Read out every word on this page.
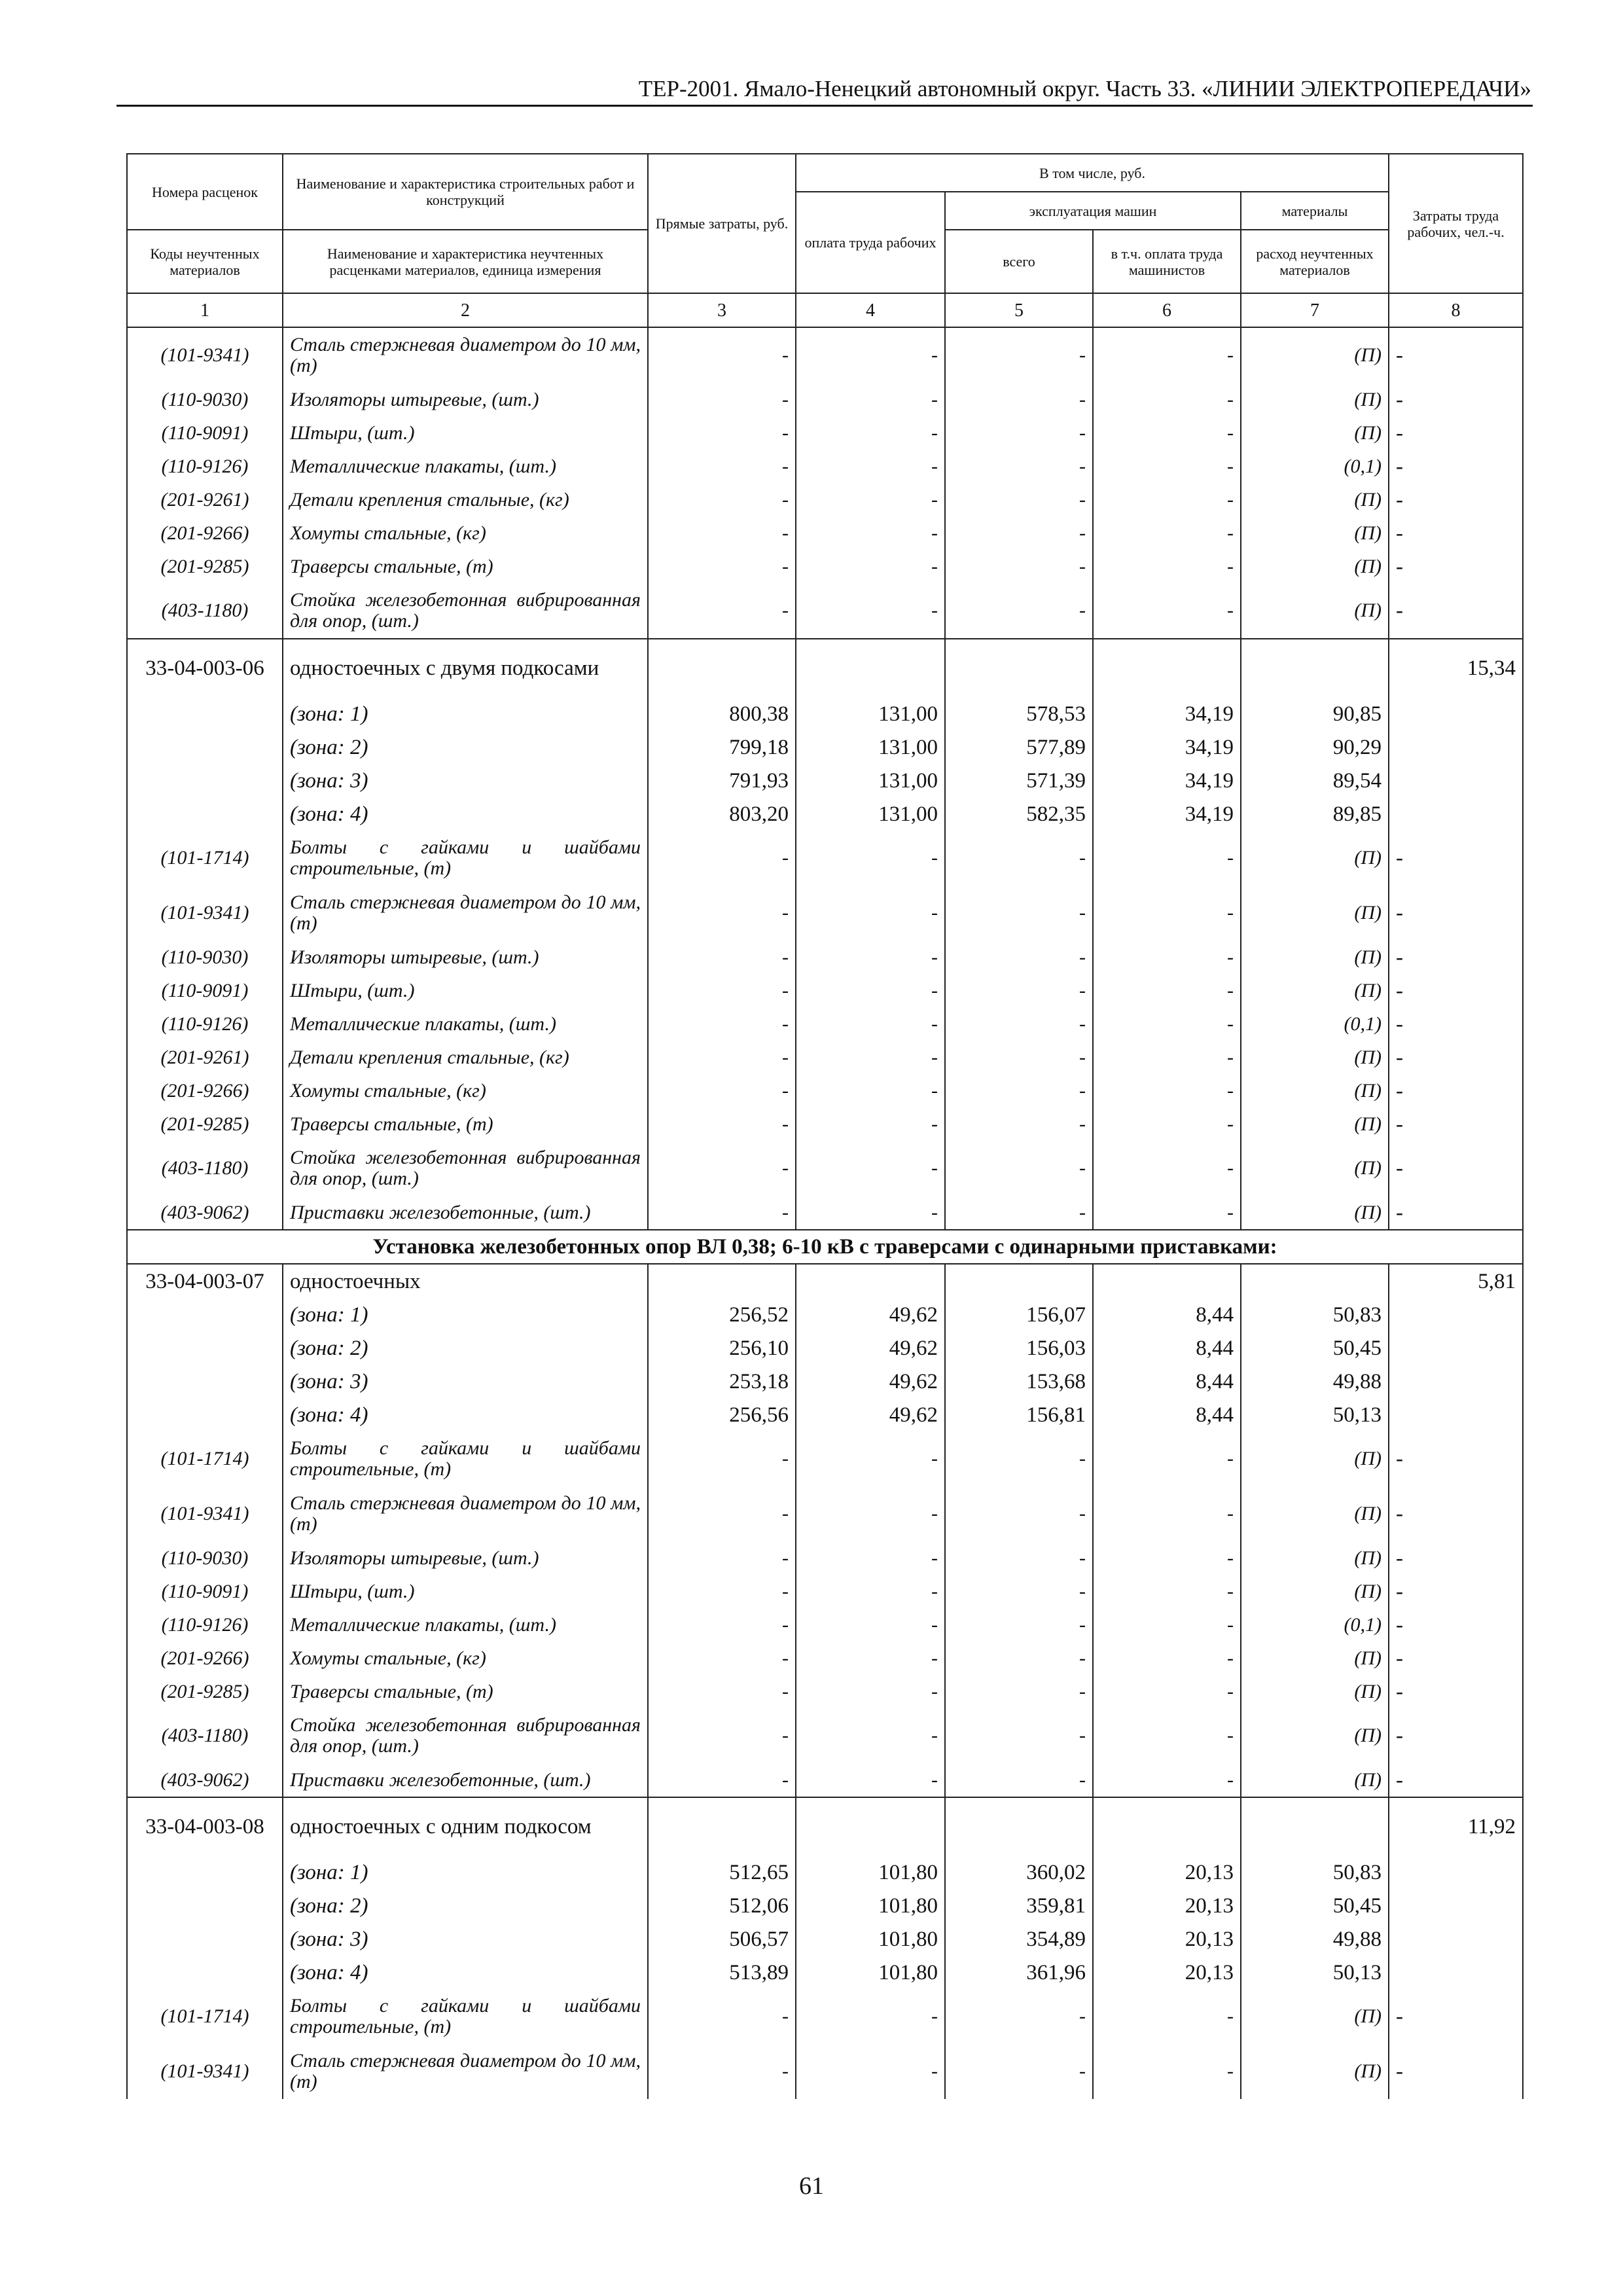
ТЕР-2001. Ямало-Ненецкий автономный округ. Часть 33. «ЛИНИИ ЭЛЕКТРОПЕРЕДАЧИ»
Номера расценок	Наименование и характеристика строительных работ и конструкций	Прямые затраты, руб.	В том числе, руб.				Затраты труда рабочих, чел.-ч.
			оплата труда рабочих	эксплуатация машин		материалы	
Коды неучтенных материалов	Наименование и характеристика неучтенных расценками материалов, единица измерения			всего	в т.ч. оплата труда машинистов	расход неучтенных материалов	
1	2	3	4	5	6	7	8
(101-9341)	Сталь стержневая диаметром до 10 мм, (т)	-	-	-	-	(П)	-
(110-9030)	Изоляторы штыревые, (шт.)	-	-	-	-	(П)	-
(110-9091)	Штыри, (шт.)	-	-	-	-	(П)	-
(110-9126)	Металлические плакаты, (шт.)	-	-	-	-	(0,1)	-
(201-9261)	Детали крепления стальные, (кг)	-	-	-	-	(П)	-
(201-9266)	Хомуты стальные, (кг)	-	-	-	-	(П)	-
(201-9285)	Траверсы стальные, (т)	-	-	-	-	(П)	-
(403-1180)	Стойка железобетонная вибрированная для опор, (шт.)	-	-	-	-	(П)	-
33-04-003-06	одностоечных с двумя подкосами						15,34
	(зона: 1)	800,38	131,00	578,53	34,19	90,85	
	(зона: 2)	799,18	131,00	577,89	34,19	90,29	
	(зона: 3)	791,93	131,00	571,39	34,19	89,54	
	(зона: 4)	803,20	131,00	582,35	34,19	89,85	
(101-1714)	Болты с гайками и шайбами строительные, (т)	-	-	-	-	(П)	-
(101-9341)	Сталь стержневая диаметром до 10 мм, (т)	-	-	-	-	(П)	-
(110-9030)	Изоляторы штыревые, (шт.)	-	-	-	-	(П)	-
(110-9091)	Штыри, (шт.)	-	-	-	-	(П)	-
(110-9126)	Металлические плакаты, (шт.)	-	-	-	-	(0,1)	-
(201-9261)	Детали крепления стальные, (кг)	-	-	-	-	(П)	-
(201-9266)	Хомуты стальные, (кг)	-	-	-	-	(П)	-
(201-9285)	Траверсы стальные, (т)	-	-	-	-	(П)	-
(403-1180)	Стойка железобетонная вибрированная для опор, (шт.)	-	-	-	-	(П)	-
(403-9062)	Приставки железобетонные, (шт.)	-	-	-	-	(П)	-
Установка железобетонных опор ВЛ 0,38; 6-10 кВ с траверсами с одинарными приставками:							
33-04-003-07	одностоечных						5,81
	(зона: 1)	256,52	49,62	156,07	8,44	50,83	
	(зона: 2)	256,10	49,62	156,03	8,44	50,45	
	(зона: 3)	253,18	49,62	153,68	8,44	49,88	
	(зона: 4)	256,56	49,62	156,81	8,44	50,13	
(101-1714)	Болты с гайками и шайбами строительные, (т)	-	-	-	-	(П)	-
(101-9341)	Сталь стержневая диаметром до 10 мм, (т)	-	-	-	-	(П)	-
(110-9030)	Изоляторы штыревые, (шт.)	-	-	-	-	(П)	-
(110-9091)	Штыри, (шт.)	-	-	-	-	(П)	-
(110-9126)	Металлические плакаты, (шт.)	-	-	-	-	(0,1)	-
(201-9266)	Хомуты стальные, (кг)	-	-	-	-	(П)	-
(201-9285)	Траверсы стальные, (т)	-	-	-	-	(П)	-
(403-1180)	Стойка железобетонная вибрированная для опор, (шт.)	-	-	-	-	(П)	-
(403-9062)	Приставки железобетонные, (шт.)	-	-	-	-	(П)	-
33-04-003-08	одностоечных с одним подкосом						11,92
	(зона: 1)	512,65	101,80	360,02	20,13	50,83	
	(зона: 2)	512,06	101,80	359,81	20,13	50,45	
	(зона: 3)	506,57	101,80	354,89	20,13	49,88	
	(зона: 4)	513,89	101,80	361,96	20,13	50,13	
(101-1714)	Болты с гайками и шайбами строительные, (т)	-	-	-	-	(П)	-
(101-9341)	Сталь стержневая диаметром до 10 мм, (т)	-	-	-	-	(П)	-
61
